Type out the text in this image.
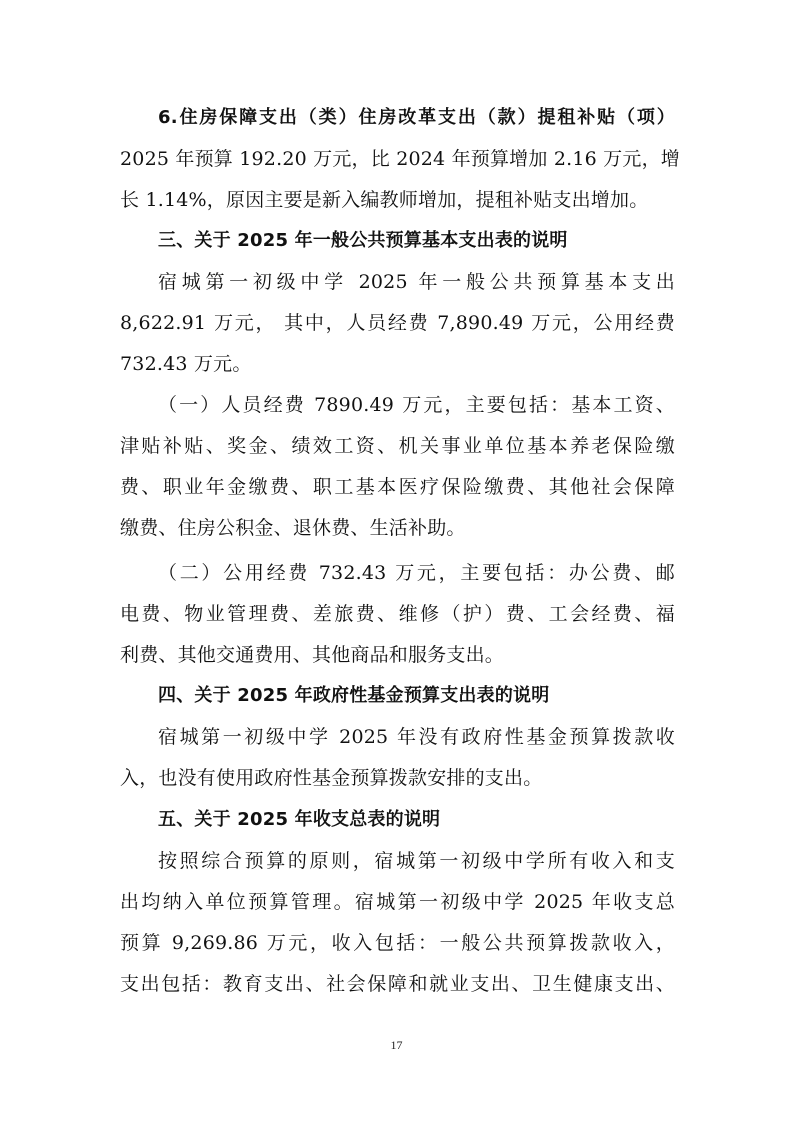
6.住房保障支出（类）住房改革支出（款）提租补贴（项）
2025 年预算 192.20 万元，比 2024 年预算增加 2.16 万元，增
长 1.14%，原因主要是新入编教师增加，提租补贴支出增加。
三、关于 2025 年一般公共预算基本支出表的说明
宿城第一初级中学 2025 年一般公共预算基本支出
8,622.91 万元， 其中，人员经费 7,890.49 万元，公用经费
732.43 万元。
（一）人员经费 7890.49 万元，主要包括：基本工资、
津贴补贴、奖金、绩效工资、机关事业单位基本养老保险缴
费、职业年金缴费、职工基本医疗保险缴费、其他社会保障
缴费、住房公积金、退休费、生活补助。
（二）公用经费 732.43 万元，主要包括：办公费、邮
电费、物业管理费、差旅费、维修（护）费、工会经费、福
利费、其他交通费用、其他商品和服务支出。
四、关于 2025 年政府性基金预算支出表的说明
宿城第一初级中学 2025 年没有政府性基金预算拨款收
入，也没有使用政府性基金预算拨款安排的支出。
五、关于 2025 年收支总表的说明
按照综合预算的原则，宿城第一初级中学所有收入和支
出均纳入单位预算管理。宿城第一初级中学 2025 年收支总
预算 9,269.86 万元，收入包括：一般公共预算拨款收入，
支出包括：教育支出、社会保障和就业支出、卫生健康支出、
17
